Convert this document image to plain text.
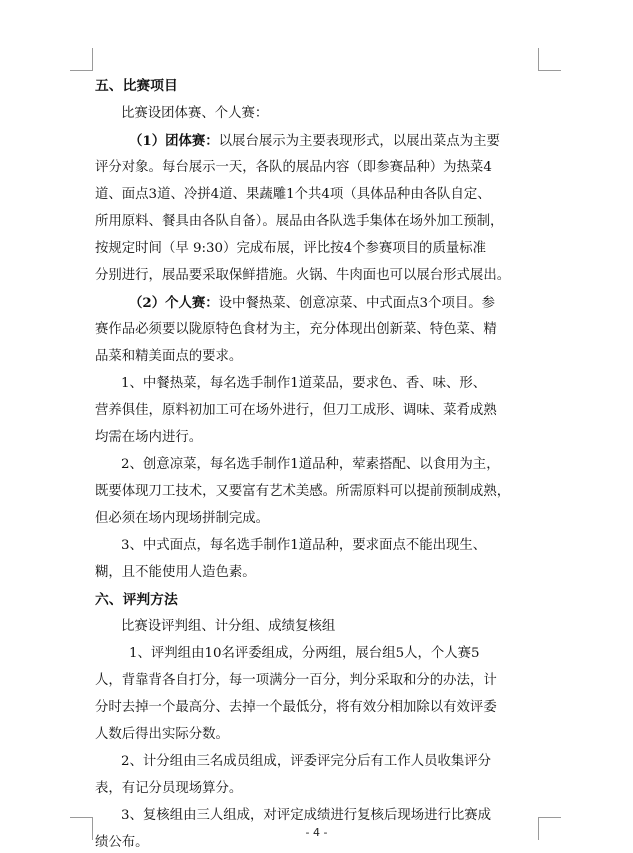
五、比赛项目
比赛设团体赛、个人赛：
（1）团体赛：以展台展示为主要表现形式，以展出菜点为主要
评分对象。每台展示一天，各队的展品内容（即参赛品种）为热菜4
道、面点3道、冷拼4道、果蔬雕1个共4项（具体品种由各队自定、
所用原料、餐具由各队自备）。展品由各队选手集体在场外加工预制，
按规定时间（早 9:30）完成布展，评比按4个参赛项目的质量标准
分别进行，展品要采取保鲜措施。火锅、牛肉面也可以展台形式展出。
（2）个人赛：设中餐热菜、创意凉菜、中式面点3个项目。参
赛作品必须要以陇原特色食材为主，充分体现出创新菜、特色菜、精
品菜和精美面点的要求。
1、中餐热菜，每名选手制作1道菜品，要求色、香、味、形、
营养俱佳，原料初加工可在场外进行，但刀工成形、调味、菜肴成熟
均需在场内进行。
2、创意凉菜，每名选手制作1道品种，荤素搭配、以食用为主，
既要体现刀工技术，又要富有艺术美感。所需原料可以提前预制成熟，
但必须在场内现场拼制完成。
3、中式面点，每名选手制作1道品种，要求面点不能出现生、
糊，且不能使用人造色素。
六、评判方法
比赛设评判组、计分组、成绩复核组
1、评判组由10名评委组成，分两组，展台组5人，个人赛5
人，背靠背各自打分，每一项满分一百分，判分采取和分的办法，计
分时去掉一个最高分、去掉一个最低分，将有效分相加除以有效评委
人数后得出实际分数。
2、计分组由三名成员组成，评委评完分后有工作人员收集评分
表，有记分员现场算分。
3、复核组由三人组成，对评定成绩进行复核后现场进行比赛成
绩公布。
- 4 -
